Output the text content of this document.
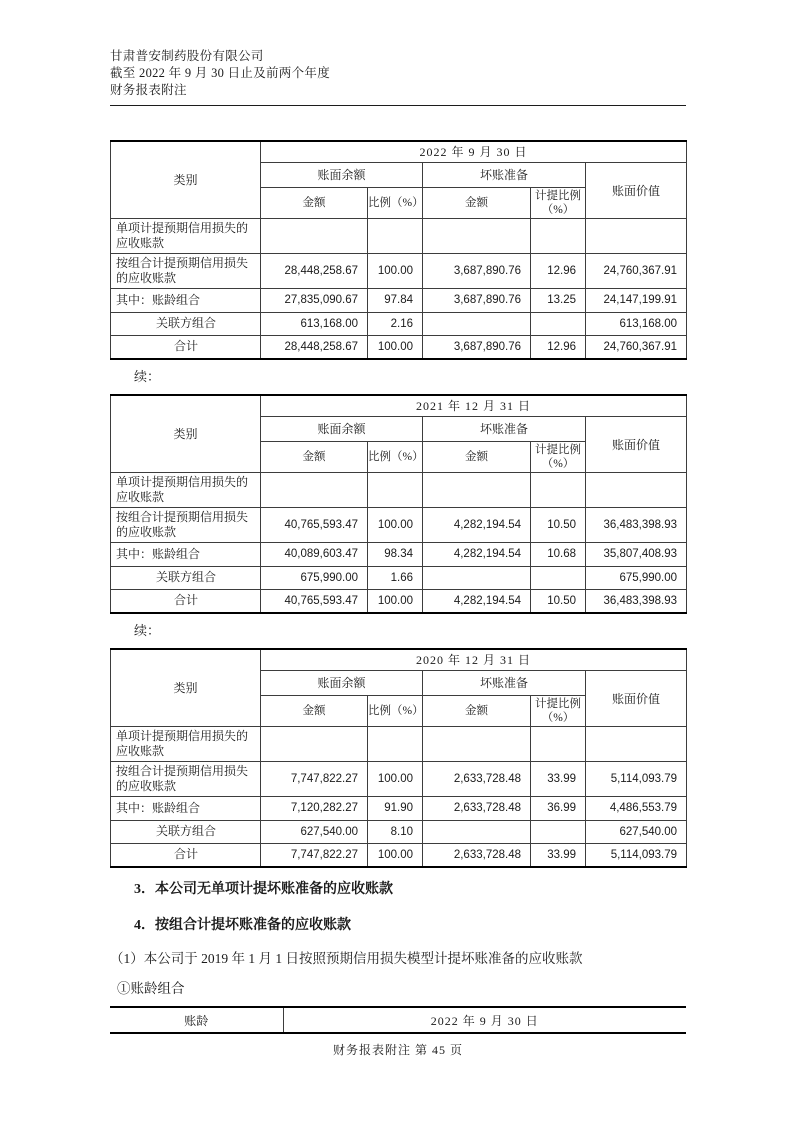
甘肃普安制药股份有限公司
截至 2022 年 9 月 30 日止及前两个年度
财务报表附注
类别	2022 年 9 月 30 日				
	账面余额		坏账准备		账面价值
	金额	比例（%）	金额	计提比例（%）	
单项计提预期信用损失的应收账款					
按组合计提预期信用损失的应收账款	28,448,258.67	100.00	3,687,890.76	12.96	24,760,367.91
其中：账龄组合	27,835,090.67	97.84	3,687,890.76	13.25	24,147,199.91
关联方组合	613,168.00	2.16			613,168.00
合计	28,448,258.67	100.00	3,687,890.76	12.96	24,760,367.91
续：
类别	2021 年 12 月 31 日				
	账面余额		坏账准备		账面价值
	金额	比例（%）	金额	计提比例（%）	
单项计提预期信用损失的应收账款					
按组合计提预期信用损失的应收账款	40,765,593.47	100.00	4,282,194.54	10.50	36,483,398.93
其中：账龄组合	40,089,603.47	98.34	4,282,194.54	10.68	35,807,408.93
关联方组合	675,990.00	1.66			675,990.00
合计	40,765,593.47	100.00	4,282,194.54	10.50	36,483,398.93
续：
类别	2020 年 12 月 31 日				
	账面余额		坏账准备		账面价值
	金额	比例（%）	金额	计提比例（%）	
单项计提预期信用损失的应收账款					
按组合计提预期信用损失的应收账款	7,747,822.27	100.00	2,633,728.48	33.99	5,114,093.79
其中：账龄组合	7,120,282.27	91.90	2,633,728.48	36.99	4,486,553.79
关联方组合	627,540.00	8.10			627,540.00
合计	7,747,822.27	100.00	2,633,728.48	33.99	5,114,093.79
3．本公司无单项计提坏账准备的应收账款
4．按组合计提坏账准备的应收账款
（1）本公司于 2019 年 1 月 1 日按照预期信用损失模型计提坏账准备的应收账款
①账龄组合
账龄	2022 年 9 月 30 日
财务报表附注 第 45 页
